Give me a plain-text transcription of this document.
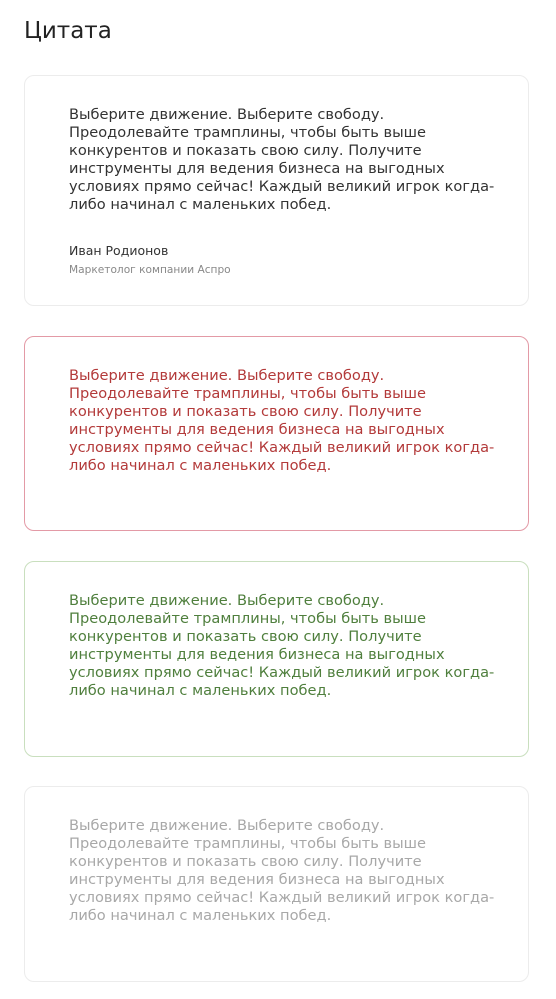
Цитата

Выберите движение. Выберите свободу.
Преодолевайте трамплины, чтобы быть выше
конкурентов и показать свою силу. Получите
инструменты для ведения бизнеса на выгодных
условиях прямо сейчас! Каждый великий игрок когда-
либо начинал с маленьких побед.

Иван Родионов
Маркетолог компании Аспро

Выберите движение. Выберите свободу.
Преодолевайте трамплины, чтобы быть выше
конкурентов и показать свою силу. Получите
инструменты для ведения бизнеса на выгодных
условиях прямо сейчас! Каждый великий игрок когда-
либо начинал с маленьких побед.

Выберите движение. Выберите свободу.
Преодолевайте трамплины, чтобы быть выше
конкурентов и показать свою силу. Получите
инструменты для ведения бизнеса на выгодных
условиях прямо сейчас! Каждый великий игрок когда-
либо начинал с маленьких побед.

Выберите движение. Выберите свободу.
Преодолевайте трамплины, чтобы быть выше
конкурентов и показать свою силу. Получите
инструменты для ведения бизнеса на выгодных
условиях прямо сейчас! Каждый великий игрок когда-
либо начинал с маленьких побед.
